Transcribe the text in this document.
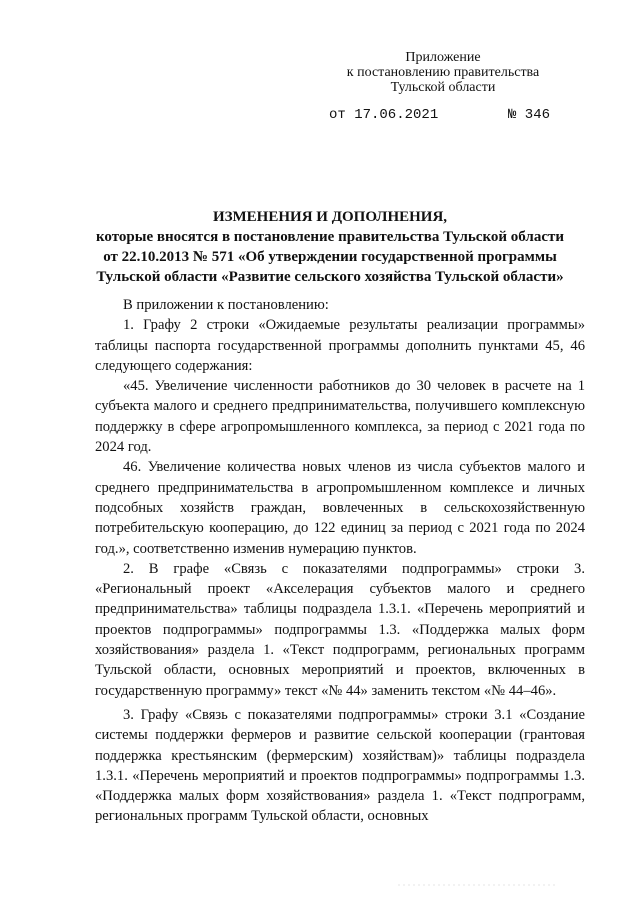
Приложение
к постановлению правительства
Тульской области
от 17.06.2021	№ 346
ИЗМЕНЕНИЯ И ДОПОЛНЕНИЯ,
которые вносятся в постановление правительства Тульской области
от 22.10.2013 № 571 «Об утверждении государственной программы
Тульской области «Развитие сельского хозяйства Тульской области»

В приложении к постановлению:

1. Графу 2 строки «Ожидаемые результаты реализации программы» таблицы паспорта государственной программы дополнить пунктами 45, 46 следующего содержания:

«45. Увеличение численности работников до 30 человек в расчете на 1 субъекта малого и среднего предпринимательства, получившего комплексную поддержку в сфере агропромышленного комплекса, за период с 2021 года по 2024 год.

46. Увеличение количества новых членов из числа субъектов малого и среднего предпринимательства в агропромышленном комплексе и личных подсобных хозяйств граждан, вовлеченных в сельскохозяйственную потребительскую кооперацию, до 122 единиц за период с 2021 года по 2024 год.», соответственно изменив нумерацию пунктов.

2. В графе «Связь с показателями подпрограммы» строки 3. «Региональный проект «Акселерация субъектов малого и среднего предпринимательства» таблицы подраздела 1.3.1. «Перечень мероприятий и проектов подпрограммы» подпрограммы 1.3. «Поддержка малых форм хозяйствования» раздела 1. «Текст подпрограмм, региональных программ Тульской области, основных мероприятий и проектов, включенных в государственную программу» текст «№ 44» заменить текстом «№ 44–46».

3. Графу «Связь с показателями подпрограммы» строки 3.1 «Создание системы поддержки фермеров и развитие сельской кооперации (грантовая поддержка крестьянским (фермерским) хозяйствам)» таблицы подраздела 1.3.1. «Перечень мероприятий и проектов подпрограммы» подпрограммы 1.3. «Поддержка малых форм хозяйствования» раздела 1. «Текст подпрограмм, региональных программ Тульской области, основных
